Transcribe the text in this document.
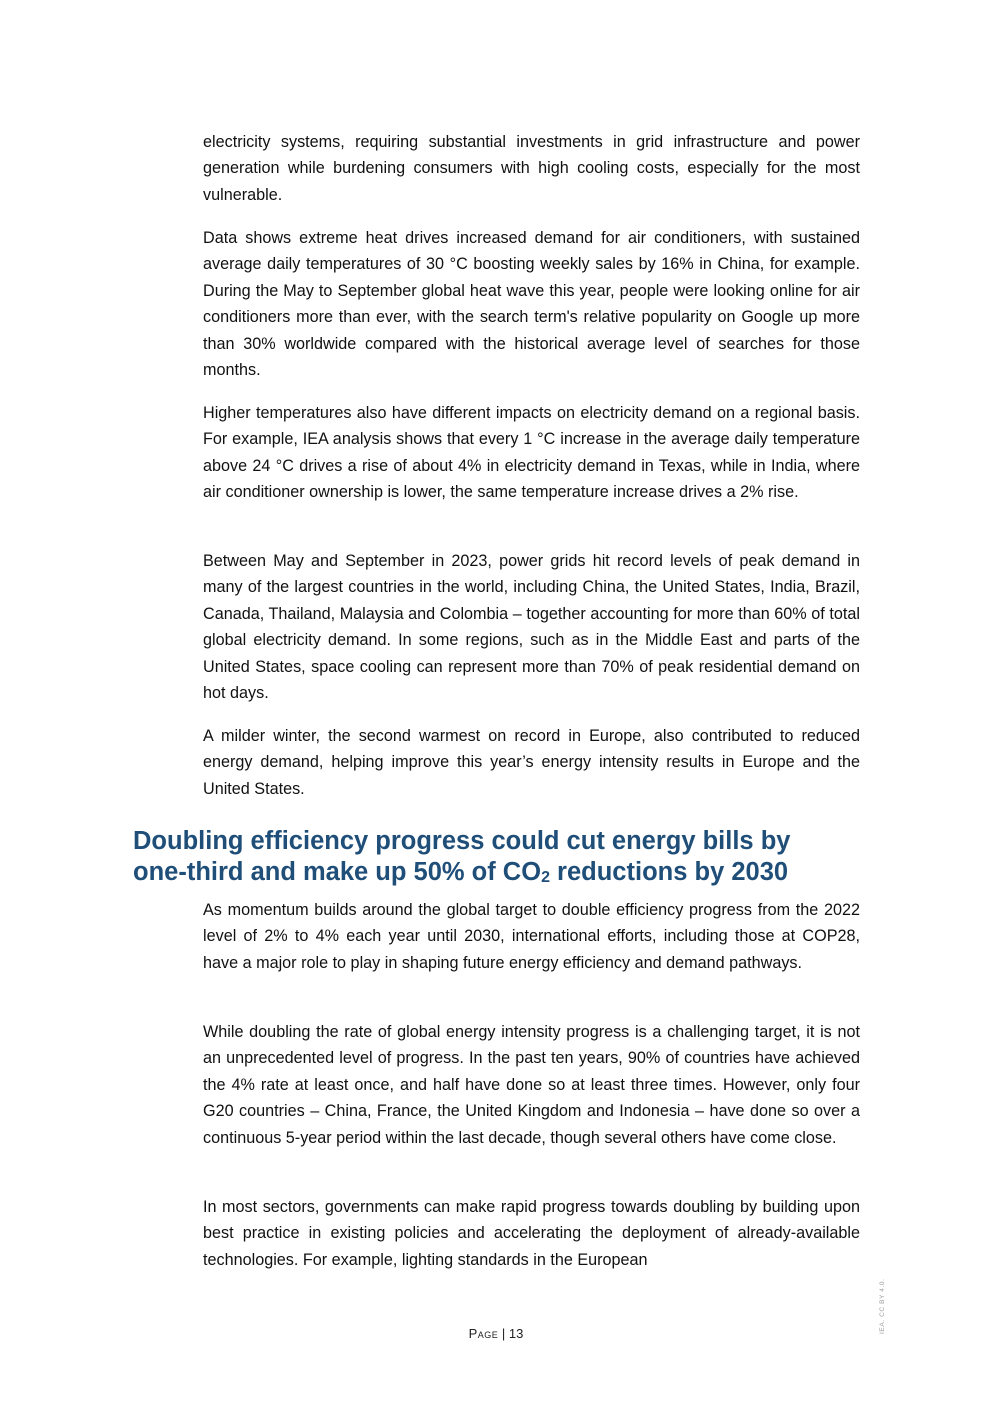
electricity systems, requiring substantial investments in grid infrastructure and power generation while burdening consumers with high cooling costs, especially for the most vulnerable.

Data shows extreme heat drives increased demand for air conditioners, with sustained average daily temperatures of 30 °C boosting weekly sales by 16% in China, for example. During the May to September global heat wave this year, people were looking online for air conditioners more than ever, with the search term's relative popularity on Google up more than 30% worldwide compared with the historical average level of searches for those months.

Higher temperatures also have different impacts on electricity demand on a regional basis. For example, IEA analysis shows that every 1 °C increase in the average daily temperature above 24 °C drives a rise of about 4% in electricity demand in Texas, while in India, where air conditioner ownership is lower, the same temperature increase drives a 2% rise.

Between May and September in 2023, power grids hit record levels of peak demand in many of the largest countries in the world, including China, the United States, India, Brazil, Canada, Thailand, Malaysia and Colombia – together accounting for more than 60% of total global electricity demand. In some regions, such as in the Middle East and parts of the United States, space cooling can represent more than 70% of peak residential demand on hot days.

A milder winter, the second warmest on record in Europe, also contributed to reduced energy demand, helping improve this year’s energy intensity results in Europe and the United States.

Doubling efficiency progress could cut energy bills by
one-third and make up 50% of $CO_2$ reductions by 2030

As momentum builds around the global target to double efficiency progress from the 2022 level of 2% to 4% each year until 2030, international efforts, including those at COP28, have a major role to play in shaping future energy efficiency and demand pathways.

While doubling the rate of global energy intensity progress is a challenging target, it is not an unprecedented level of progress. In the past ten years, 90% of countries have achieved the 4% rate at least once, and half have done so at least three times. However, only four G20 countries – China, France, the United Kingdom and Indonesia – have done so over a continuous 5-year period within the last decade, though several others have come close.

In most sectors, governments can make rapid progress towards doubling by building upon best practice in existing policies and accelerating the deployment of already-available technologies. For example, lighting standards in the European

Page | 13	IEA. CC BY 4.0.
